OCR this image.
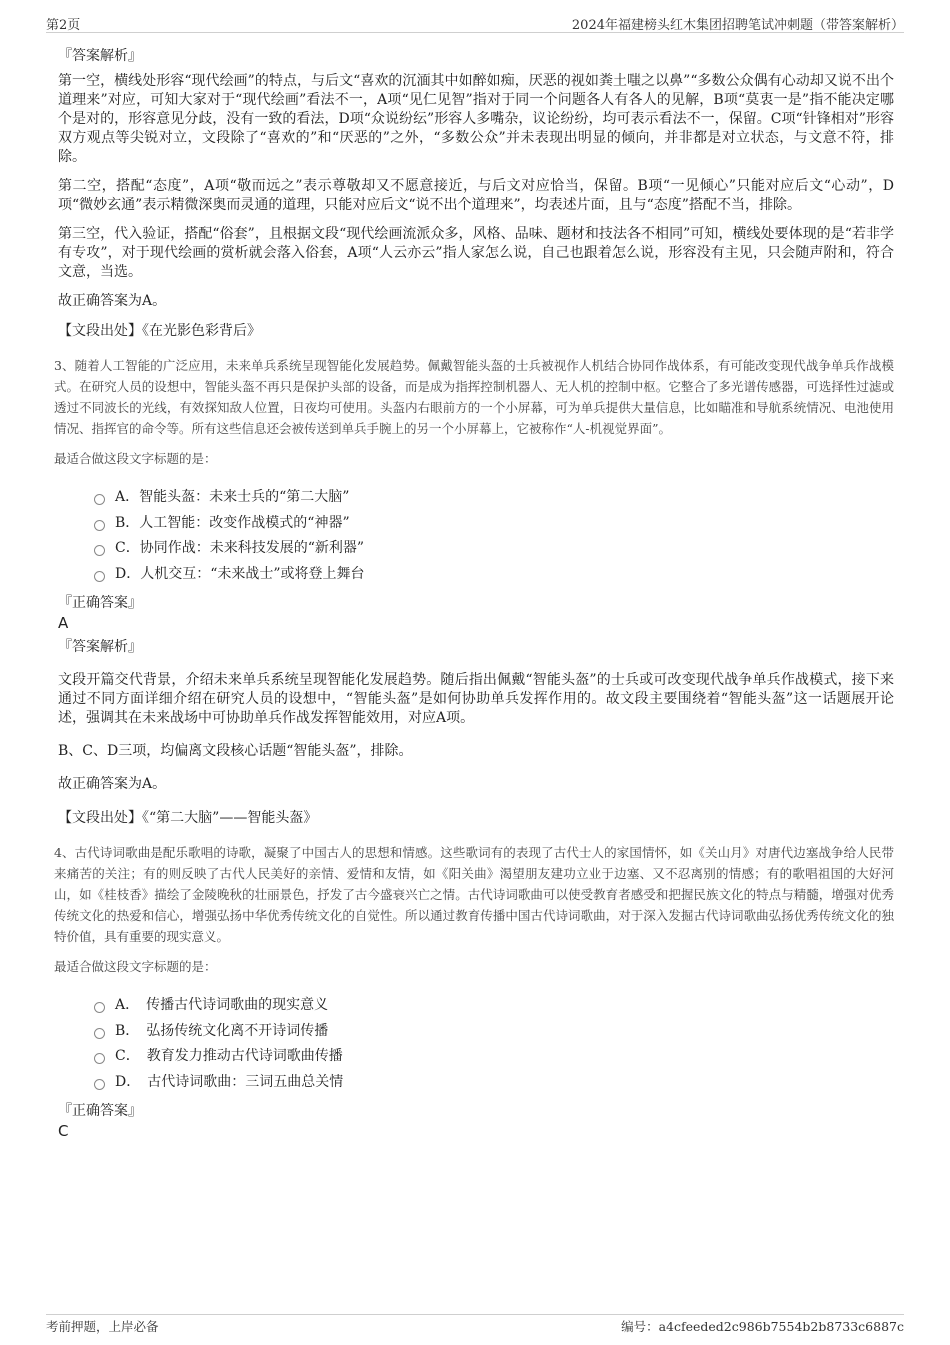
第2页	2024年福建榜头红木集团招聘笔试冲刺题（带答案解析）
『答案解析』

第一空，横线处形容“现代绘画”的特点，与后文“喜欢的沉湎其中如醉如痴，厌恶的视如粪土嗤之以鼻”“多数公众偶有心动却又说不出个道理来”对应，可知大家对于“现代绘画”看法不一，A项“见仁见智”指对于同一个问题各人有各人的见解，B项“莫衷一是”指不能决定哪个是对的，形容意见分歧，没有一致的看法，D项“众说纷纭”形容人多嘴杂，议论纷纷，均可表示看法不一，保留。C项“针锋相对”形容双方观点等尖锐对立，文段除了“喜欢的”和“厌恶的”之外，“多数公众”并未表现出明显的倾向，并非都是对立状态，与文意不符，排除。

第二空，搭配“态度”，A项“敬而远之”表示尊敬却又不愿意接近，与后文对应恰当，保留。B项“一见倾心”只能对应后文“心动”，D项“微妙玄通”表示精微深奥而灵通的道理，只能对应后文“说不出个道理来”，均表述片面，且与“态度”搭配不当，排除。

第三空，代入验证，搭配“俗套”，且根据文段“现代绘画流派众多，风格、品味、题材和技法各不相同”可知，横线处要体现的是“若非学有专攻”，对于现代绘画的赏析就会落入俗套，A项“人云亦云”指人家怎么说，自己也跟着怎么说，形容没有主见，只会随声附和，符合文意，当选。

故正确答案为A。

【文段出处】《在光影色彩背后》
3、随着人工智能的广泛应用，未来单兵系统呈现智能化发展趋势。佩戴智能头盔的士兵被视作人机结合协同作战体系，有可能改变现代战争单兵作战模式。在研究人员的设想中，智能头盔不再只是保护头部的设备，而是成为指挥控制机器人、无人机的控制中枢。它整合了多光谱传感器，可选择性过滤或透过不同波长的光线，有效探知敌人位置，日夜均可使用。头盔内右眼前方的一个小屏幕，可为单兵提供大量信息，比如瞄准和导航系统情况、电池使用情况、指挥官的命令等。所有这些信息还会被传送到单兵手腕上的另一个小屏幕上，它被称作“人-机视觉界面”。
最适合做这段文字标题的是：
A．智能头盔：未来士兵的“第二大脑”
B．人工智能：改变作战模式的“神器”
C．协同作战：未来科技发展的“新利器”
D．人机交互：“未来战士”或将登上舞台
『正确答案』
A
『答案解析』

文段开篇交代背景，介绍未来单兵系统呈现智能化发展趋势。随后指出佩戴“智能头盔”的士兵或可改变现代战争单兵作战模式，接下来通过不同方面详细介绍在研究人员的设想中，“智能头盔”是如何协助单兵发挥作用的。故文段主要围绕着“智能头盔”这一话题展开论述，强调其在未来战场中可协助单兵作战发挥智能效用，对应A项。

B、C、D三项，均偏离文段核心话题“智能头盔”，排除。

故正确答案为A。

【文段出处】《“第二大脑”——智能头盔》
4、古代诗词歌曲是配乐歌唱的诗歌，凝聚了中国古人的思想和情感。这些歌词有的表现了古代士人的家国情怀，如《关山月》对唐代边塞战争给人民带来痛苦的关注；有的则反映了古代人民美好的亲情、爱情和友情，如《阳关曲》渴望朋友建功立业于边塞、又不忍离别的情感；有的歌唱祖国的大好河山，如《桂枝香》描绘了金陵晚秋的壮丽景色，抒发了古今盛衰兴亡之情。古代诗词歌曲可以使受教育者感受和把握民族文化的特点与精髓，增强对优秀传统文化的热爱和信心，增强弘扬中华优秀传统文化的自觉性。所以通过教育传播中国古代诗词歌曲，对于深入发掘古代诗词歌曲弘扬优秀传统文化的独特价值，具有重要的现实意义。
最适合做这段文字标题的是：
A．　传播古代诗词歌曲的现实意义
B．　弘扬传统文化离不开诗词传播
C．　教育发力推动古代诗词歌曲传播
D．　古代诗词歌曲：三词五曲总关情
『正确答案』
C
考前押题，上岸必备	编号：a4cfeeded2c986b7554b2b8733c6887c
